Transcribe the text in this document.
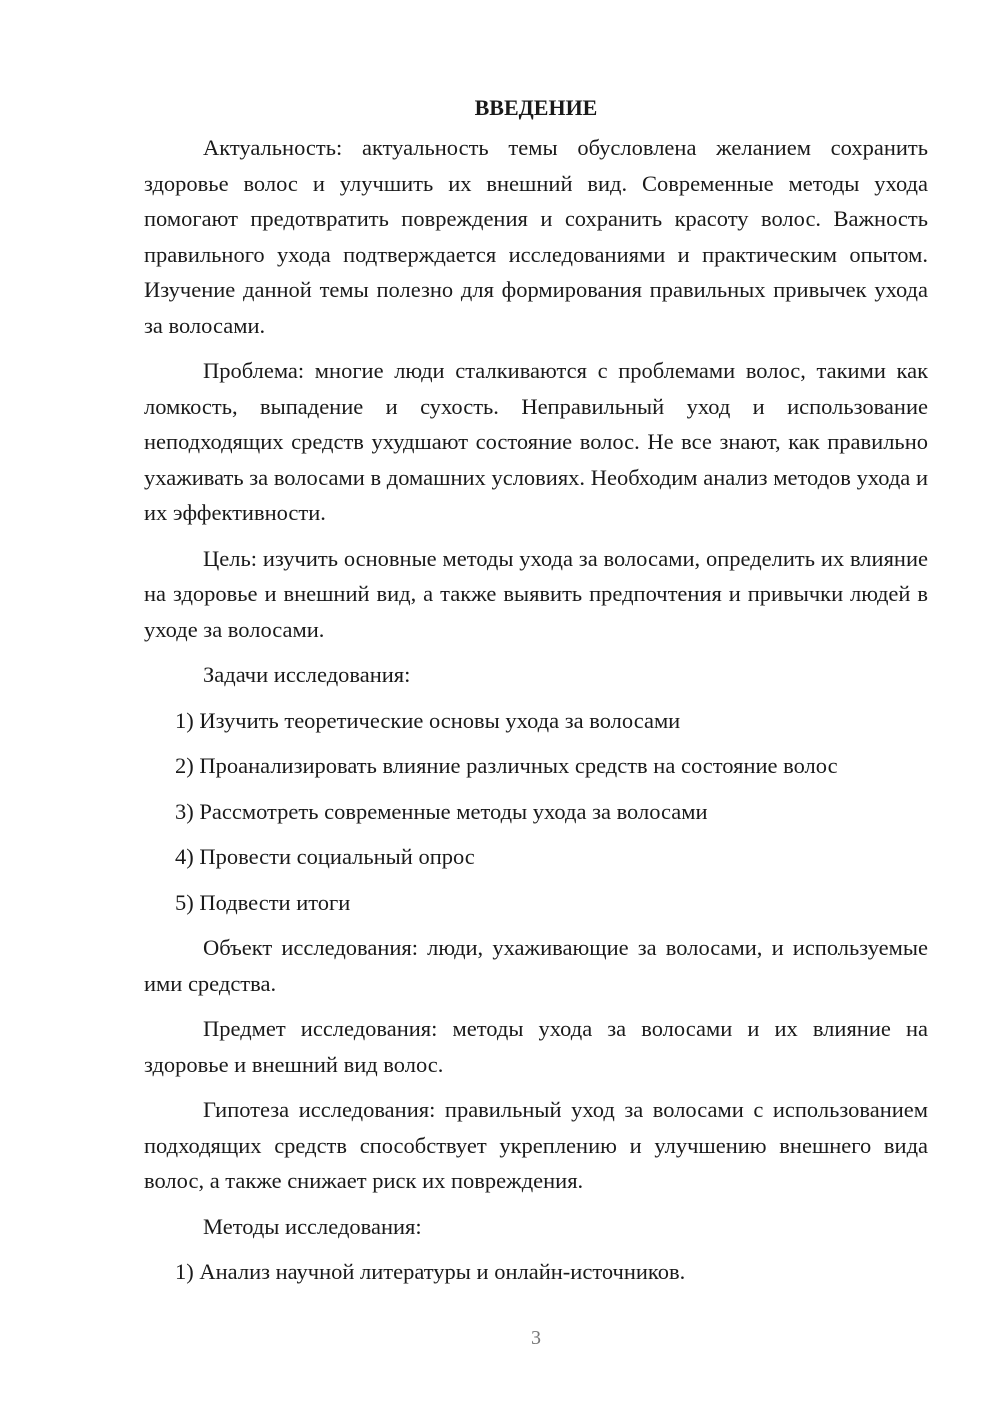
ВВЕДЕНИЕ

Актуальность: актуальность темы обусловлена желанием сохранить здоровье волос и улучшить их внешний вид. Современные методы ухода помогают предотвратить повреждения и сохранить красоту волос. Важность правильного ухода подтверждается исследованиями и практическим опытом. Изучение данной темы полезно для формирования правильных привычек ухода за волосами.

Проблема: многие люди сталкиваются с проблемами волос, такими как ломкость, выпадение и сухость. Неправильный уход и использование неподходящих средств ухудшают состояние волос. Не все знают, как правильно ухаживать за волосами в домашних условиях. Необходим анализ методов ухода и их эффективности.

Цель: изучить основные методы ухода за волосами, определить их влияние на здоровье и внешний вид, а также выявить предпочтения и привычки людей в уходе за волосами.

Задачи исследования:

1) Изучить теоретические основы ухода за волосами
2) Проанализировать влияние различных средств на состояние волос
3) Рассмотреть современные методы ухода за волосами
4) Провести социальный опрос
5) Подвести итоги

Объект исследования: люди, ухаживающие за волосами, и используемые ими средства.

Предмет исследования: методы ухода за волосами и их влияние на здоровье и внешний вид волос.

Гипотеза исследования: правильный уход за волосами с использованием подходящих средств способствует укреплению и улучшению внешнего вида волос, а также снижает риск их повреждения.

Методы исследования:

1) Анализ научной литературы и онлайн-источников.
3
